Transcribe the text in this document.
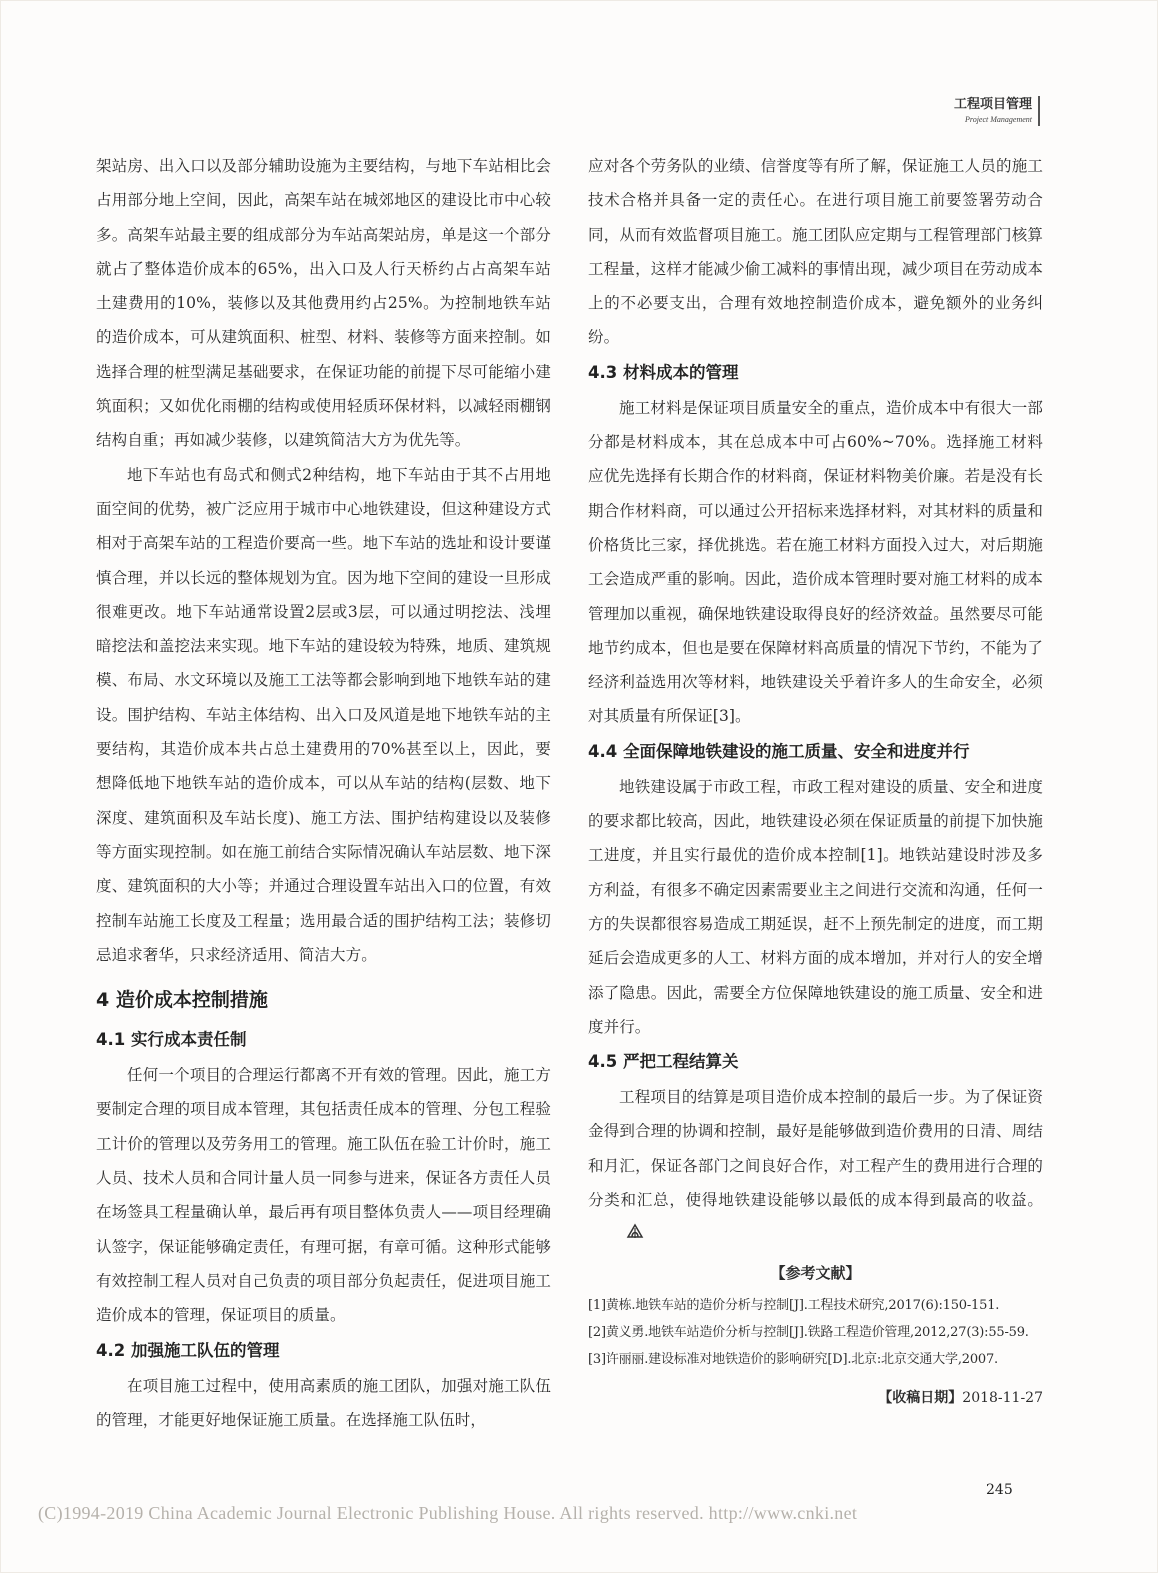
工程项目管理
Project Management

架站房、出入口以及部分辅助设施为主要结构，与地下车站相比会占用部分地上空间，因此，高架车站在城郊地区的建设比市中心较多。高架车站最主要的组成部分为车站高架站房，单是这一个部分就占了整体造价成本的65%，出入口及人行天桥约占占高架车站土建费用的10%，装修以及其他费用约占25%。为控制地铁车站的造价成本，可从建筑面积、桩型、材料、装修等方面来控制。如选择合理的桩型满足基础要求，在保证功能的前提下尽可能缩小建筑面积；又如优化雨棚的结构或使用轻质环保材料，以减轻雨棚钢结构自重；再如减少装修，以建筑简洁大方为优先等。

地下车站也有岛式和侧式2种结构，地下车站由于其不占用地面空间的优势，被广泛应用于城市中心地铁建设，但这种建设方式相对于高架车站的工程造价要高一些。地下车站的选址和设计要谨慎合理，并以长远的整体规划为宜。因为地下空间的建设一旦形成很难更改。地下车站通常设置2层或3层，可以通过明挖法、浅埋暗挖法和盖挖法来实现。地下车站的建设较为特殊，地质、建筑规模、布局、水文环境以及施工工法等都会影响到地下地铁车站的建设。围护结构、车站主体结构、出入口及风道是地下地铁车站的主要结构，其造价成本共占总土建费用的70%甚至以上，因此，要想降低地下地铁车站的造价成本，可以从车站的结构(层数、地下深度、建筑面积及车站长度)、施工方法、围护结构建设以及装修等方面实现控制。如在施工前结合实际情况确认车站层数、地下深度、建筑面积的大小等；并通过合理设置车站出入口的位置，有效控制车站施工长度及工程量；选用最合适的围护结构工法；装修切忌追求奢华，只求经济适用、简洁大方。

4 造价成本控制措施
4.1 实行成本责任制

任何一个项目的合理运行都离不开有效的管理。因此，施工方要制定合理的项目成本管理，其包括责任成本的管理、分包工程验工计价的管理以及劳务用工的管理。施工队伍在验工计价时，施工人员、技术人员和合同计量人员一同参与进来，保证各方责任人员在场签具工程量确认单，最后再有项目整体负责人——项目经理确认签字，保证能够确定责任，有理可据，有章可循。这种形式能够有效控制工程人员对自己负责的项目部分负起责任，促进项目施工造价成本的管理，保证项目的质量。

4.2 加强施工队伍的管理

在项目施工过程中，使用高素质的施工团队，加强对施工队伍的管理，才能更好地保证施工质量。在选择施工队伍时，

应对各个劳务队的业绩、信誉度等有所了解，保证施工人员的施工技术合格并具备一定的责任心。在进行项目施工前要签署劳动合同，从而有效监督项目施工。施工团队应定期与工程管理部门核算工程量，这样才能减少偷工减料的事情出现，减少项目在劳动成本上的不必要支出，合理有效地控制造价成本，避免额外的业务纠纷。

4.3 材料成本的管理

施工材料是保证项目质量安全的重点，造价成本中有很大一部分都是材料成本，其在总成本中可占60%~70%。选择施工材料应优先选择有长期合作的材料商，保证材料物美价廉。若是没有长期合作材料商，可以通过公开招标来选择材料，对其材料的质量和价格货比三家，择优挑选。若在施工材料方面投入过大，对后期施工会造成严重的影响。因此，造价成本管理时要对施工材料的成本管理加以重视，确保地铁建设取得良好的经济效益。虽然要尽可能地节约成本，但也是要在保障材料高质量的情况下节约，不能为了经济利益选用次等材料，地铁建设关乎着许多人的生命安全，必须对其质量有所保证[3]。

4.4 全面保障地铁建设的施工质量、安全和进度并行

地铁建设属于市政工程，市政工程对建设的质量、安全和进度的要求都比较高，因此，地铁建设必须在保证质量的前提下加快施工进度，并且实行最优的造价成本控制[1]。地铁站建设时涉及多方利益，有很多不确定因素需要业主之间进行交流和沟通，任何一方的失误都很容易造成工期延误，赶不上预先制定的进度，而工期延后会造成更多的人工、材料方面的成本增加，并对行人的安全增添了隐患。因此，需要全方位保障地铁建设的施工质量、安全和进度并行。

4.5 严把工程结算关

工程项目的结算是项目造价成本控制的最后一步。为了保证资金得到合理的协调和控制，最好是能够做到造价费用的日清、周结和月汇，保证各部门之间良好合作，对工程产生的费用进行合理的分类和汇总，使得地铁建设能够以最低的成本得到最高的收益。

【参考文献】
[1]黄栋.地铁车站的造价分析与控制[J].工程技术研究,2017(6):150-151.
[2]黄义勇.地铁车站造价分析与控制[J].铁路工程造价管理,2012,27(3):55-59.
[3]许丽丽.建设标准对地铁造价的影响研究[D].北京:北京交通大学,2007.
【收稿日期】2018-11-27
245
(C)1994-2019 China Academic Journal Electronic Publishing House. All rights reserved. http://www.cnki.net
